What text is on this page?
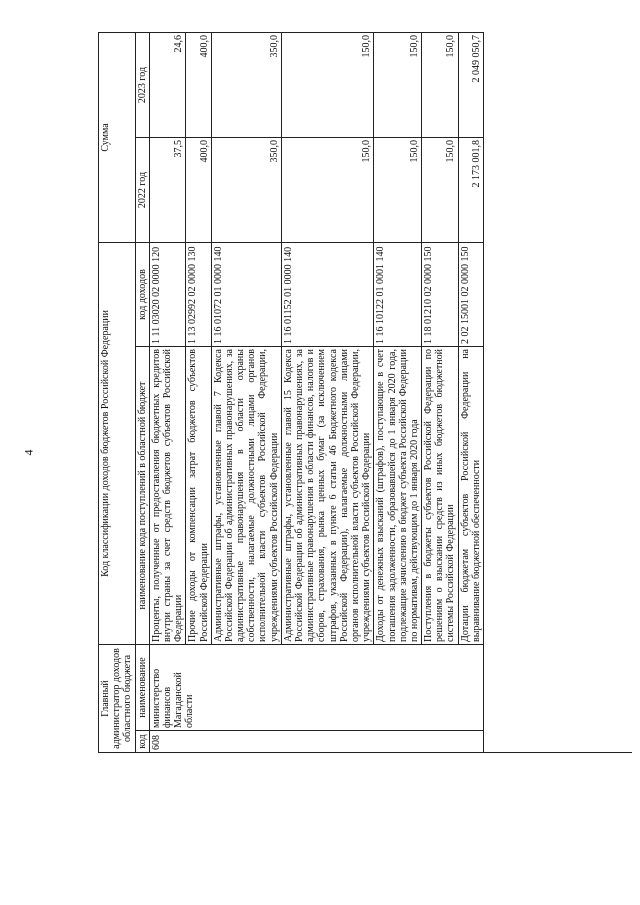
4
Главный администратор доходов областного бюджета		Код классификации доходов бюджетов Российской Федерации		Сумма	
код	наименование	наименование кода поступлений в областной бюджет	код доходов	2022 год	2023 год
608	министерство финансов Магаданской области	Проценты, полученные от предоставления бюджетных кредитов внутри страны за счет средств бюджетов субъектов Российской Федерации	1 11 03020 02 0000 120	37,5	24,6
		Прочие доходы от компенсации затрат бюджетов субъектов Российской Федерации	1 13 02992 02 0000 130	400,0	400,0
		Административные штрафы, установленные главой 7 Кодекса Российской Федерации об административных правонарушениях, за административные правонарушения в области охраны собственности, налагаемые должностными лицами органов исполнительной власти субъектов Российской Федерации, учреждениями субъектов Российской Федерации	1 16 01072 01 0000 140	350,0	350,0
		Административные штрафы, установленные главой 15 Кодекса Российской Федерации об административных правонарушениях, за административные правонарушения в области финансов, налогов и сборов, страхования, рынка ценных бумаг (за исключением штрафов, указанных в пункте 6 статьи 46 Бюджетного кодекса Российской Федерации), налагаемые должностными лицами органов исполнительной власти субъектов Российской Федерации, учреждениями субъектов Российской Федерации	1 16 01152 01 0000 140	150,0	150,0
		Доходы от денежных взысканий (штрафов), поступающие в счет погашения задолженности, образовавшейся до 1 января 2020 года, подлежащие зачислению в бюджет субъекта Российской Федерации по нормативам, действующим до 1 января 2020 года	1 16 10122 01 0001 140	150,0	150,0
		Поступления в бюджеты субъектов Российской Федерации по решениям о взыскании средств из иных бюджетов бюджетной системы Российской Федерации	1 18 01210 02 0000 150	150,0	150,0
		Дотации бюджетам субъектов Российской Федерации на выравнивание бюджетной обеспеченности	2 02 15001 02 0000 150	2 173 001,8	2 049 050,7
